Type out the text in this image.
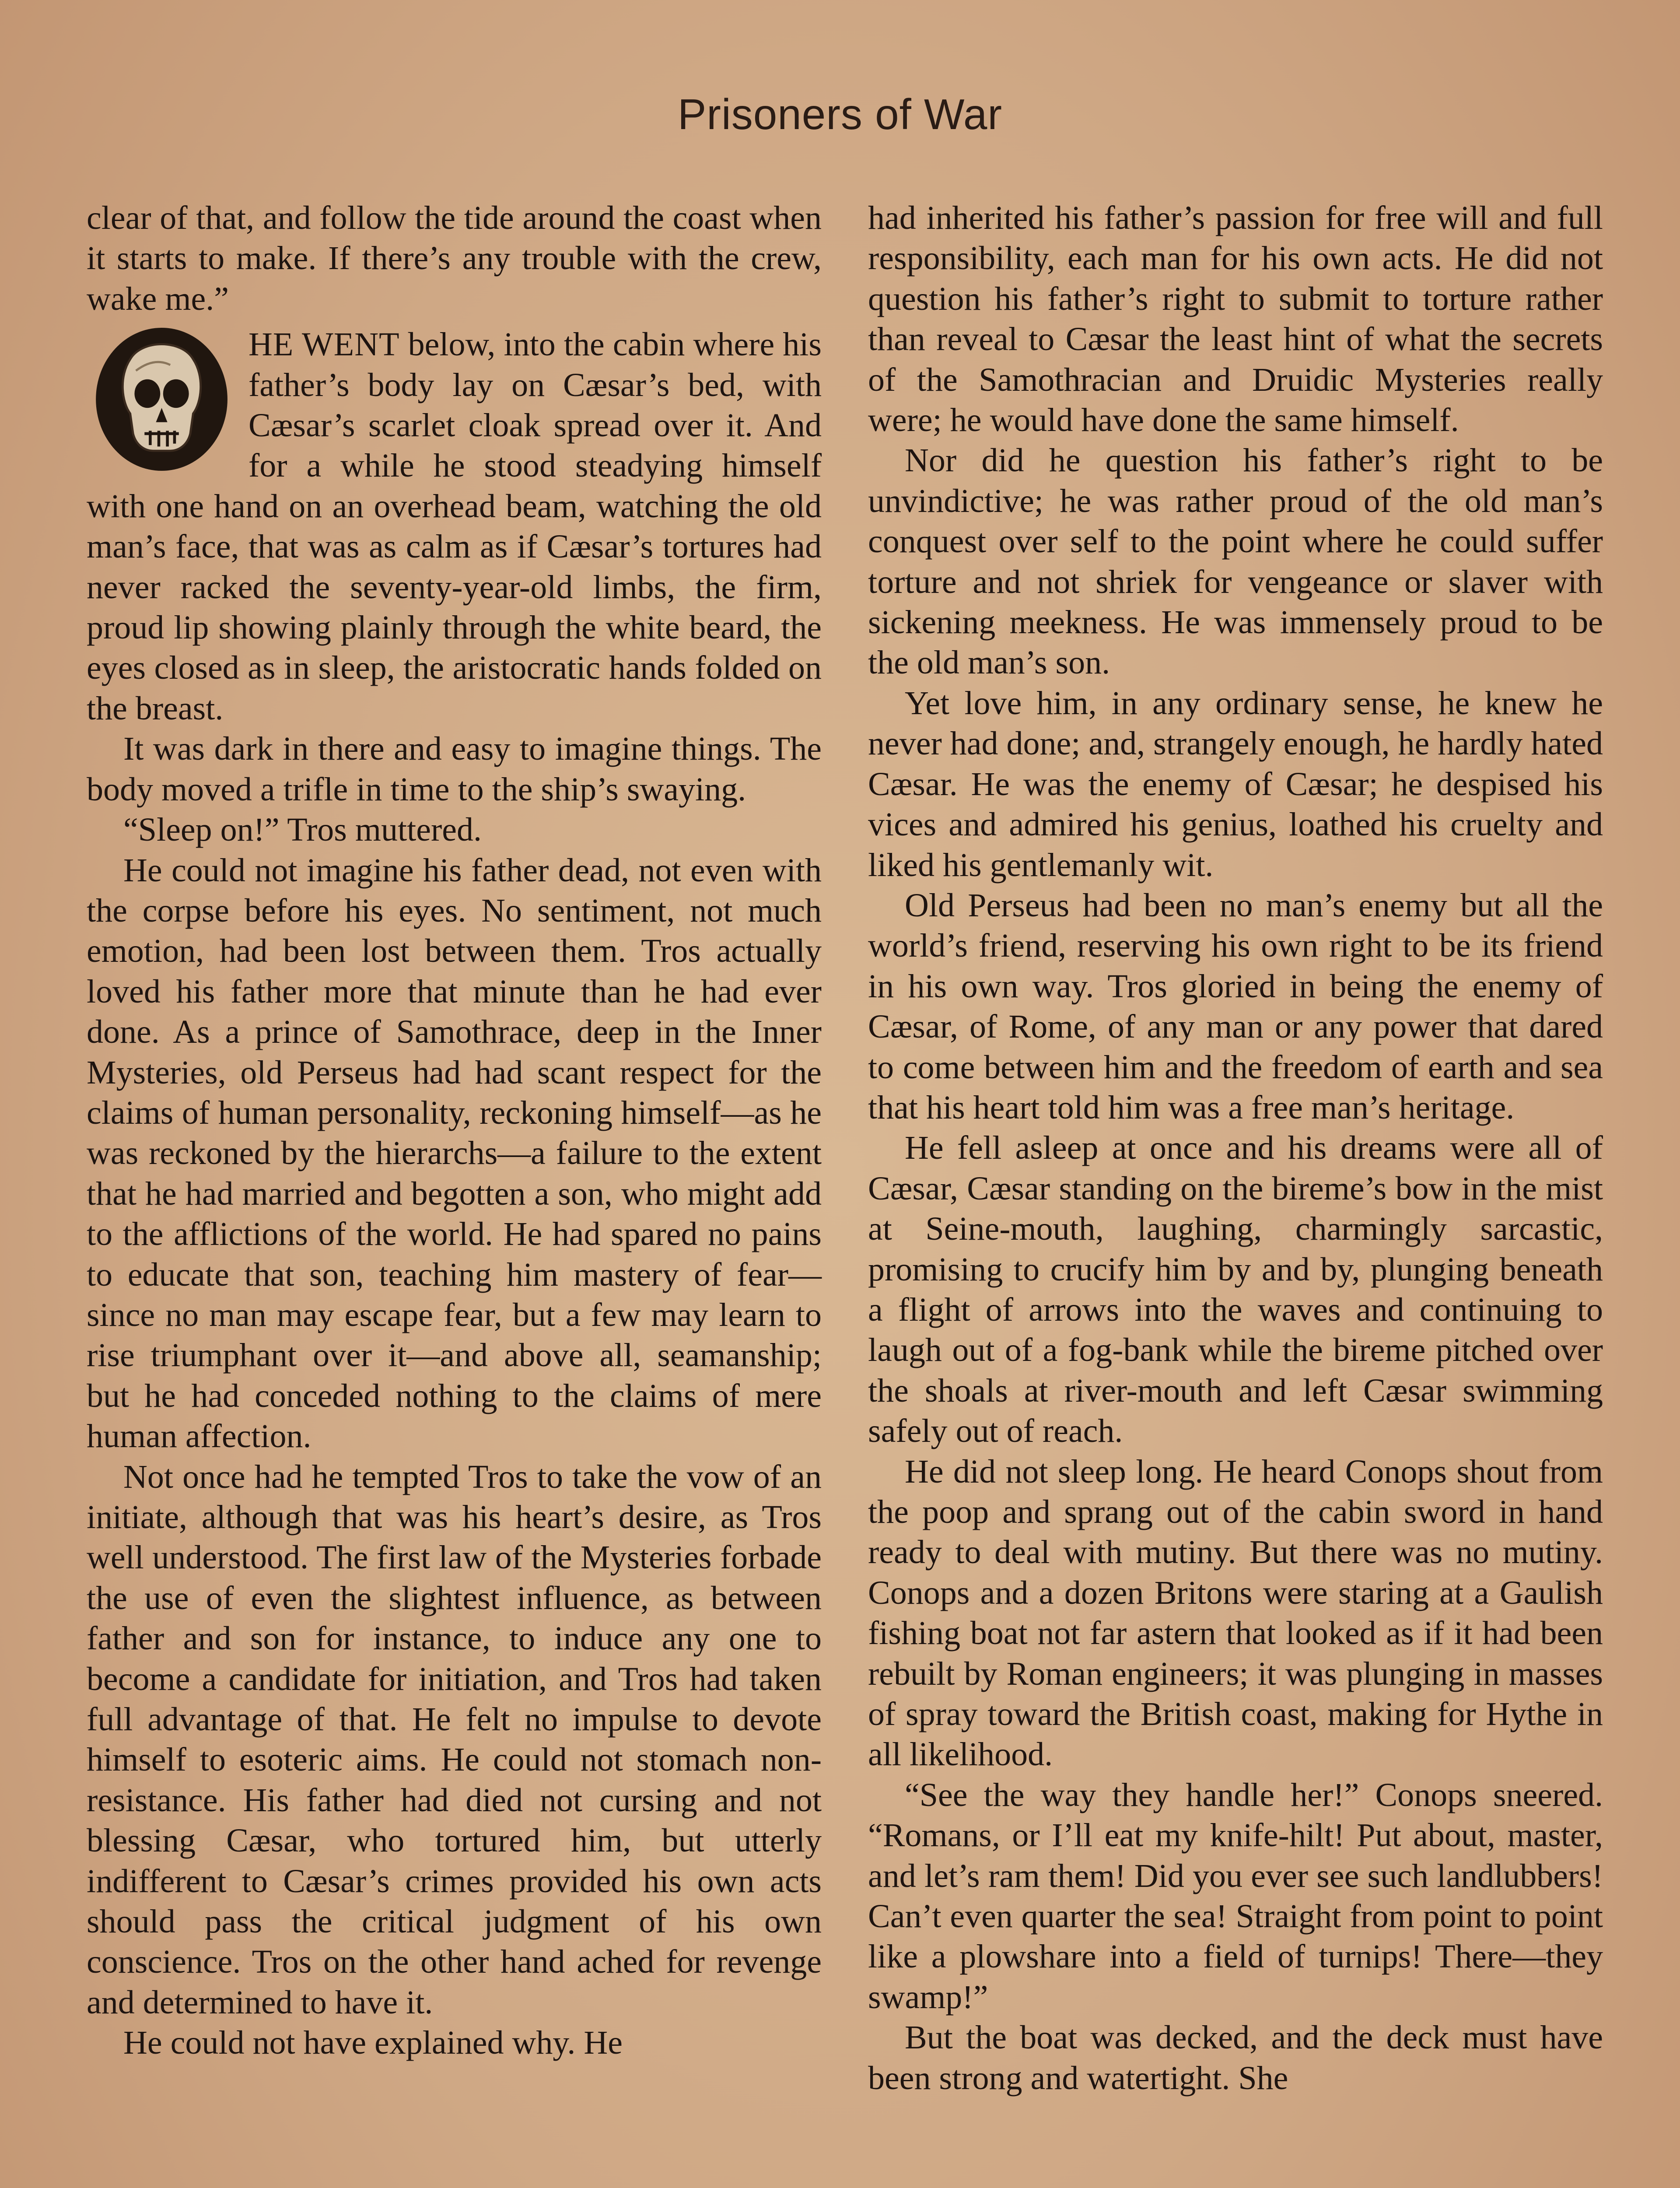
Prisoners of War

clear of that, and follow the tide around the coast when it starts to make. If there’s any trouble with the crew, wake me.”

HE WENT below, into the cabin where his father’s body lay on Cæsar’s bed, with Cæsar’s scarlet cloak spread over it. And for a while he stood steadying himself with one hand on an overhead beam, watching the old man’s face, that was as calm as if Cæsar’s tortures had never racked the seventy-year-old limbs, the firm, proud lip showing plainly through the white beard, the eyes closed as in sleep, the aristocratic hands folded on the breast.

It was dark in there and easy to imagine things. The body moved a trifle in time to the ship’s swaying.

“Sleep on!” Tros muttered.

He could not imagine his father dead, not even with the corpse before his eyes. No sentiment, not much emotion, had been lost between them. Tros actually loved his father more that minute than he had ever done. As a prince of Samothrace, deep in the Inner Mysteries, old Perseus had had scant respect for the claims of human personality, reckoning himself—as he was reckoned by the hierarchs—a failure to the extent that he had married and begotten a son, who might add to the afflictions of the world. He had spared no pains to educate that son, teaching him mastery of fear—since no man may escape fear, but a few may learn to rise triumphant over it—and above all, seamanship; but he had conceded nothing to the claims of mere human affection.

Not once had he tempted Tros to take the vow of an initiate, although that was his heart’s desire, as Tros well understood. The first law of the Mysteries forbade the use of even the slightest influence, as between father and son for instance, to induce any one to become a candidate for initiation, and Tros had taken full advantage of that. He felt no impulse to devote himself to esoteric aims. He could not stomach non-resistance. His father had died not cursing and not blessing Cæsar, who tortured him, but utterly indifferent to Cæsar’s crimes provided his own acts should pass the critical judgment of his own conscience. Tros on the other hand ached for revenge and determined to have it.

He could not have explained why. He

had inherited his father’s passion for free will and full responsibility, each man for his own acts. He did not question his father’s right to submit to torture rather than reveal to Cæsar the least hint of what the secrets of the Samothracian and Druidic Mysteries really were; he would have done the same himself.

Nor did he question his father’s right to be unvindictive; he was rather proud of the old man’s conquest over self to the point where he could suffer torture and not shriek for vengeance or slaver with sickening meekness. He was immensely proud to be the old man’s son.

Yet love him, in any ordinary sense, he knew he never had done; and, strangely enough, he hardly hated Cæsar. He was the enemy of Cæsar; he despised his vices and admired his genius, loathed his cruelty and liked his gentlemanly wit.

Old Perseus had been no man’s enemy but all the world’s friend, reserving his own right to be its friend in his own way. Tros gloried in being the enemy of Cæsar, of Rome, of any man or any power that dared to come between him and the freedom of earth and sea that his heart told him was a free man’s heritage.

He fell asleep at once and his dreams were all of Cæsar, Cæsar standing on the bireme’s bow in the mist at Seine-mouth, laughing, charmingly sarcastic, promising to crucify him by and by, plunging beneath a flight of arrows into the waves and continuing to laugh out of a fog-bank while the bireme pitched over the shoals at river-mouth and left Cæsar swimming safely out of reach.

He did not sleep long. He heard Conops shout from the poop and sprang out of the cabin sword in hand ready to deal with mutiny. But there was no mutiny. Conops and a dozen Britons were staring at a Gaulish fishing boat not far astern that looked as if it had been rebuilt by Roman engineers; it was plunging in masses of spray toward the British coast, making for Hythe in all likelihood.

“See the way they handle her!” Conops sneered. “Romans, or I’ll eat my knife-hilt! Put about, master, and let’s ram them! Did you ever see such landlubbers! Can’t even quarter the sea! Straight from point to point like a plowshare into a field of turnips! There—they swamp!”

But the boat was decked, and the deck must have been strong and watertight. She
